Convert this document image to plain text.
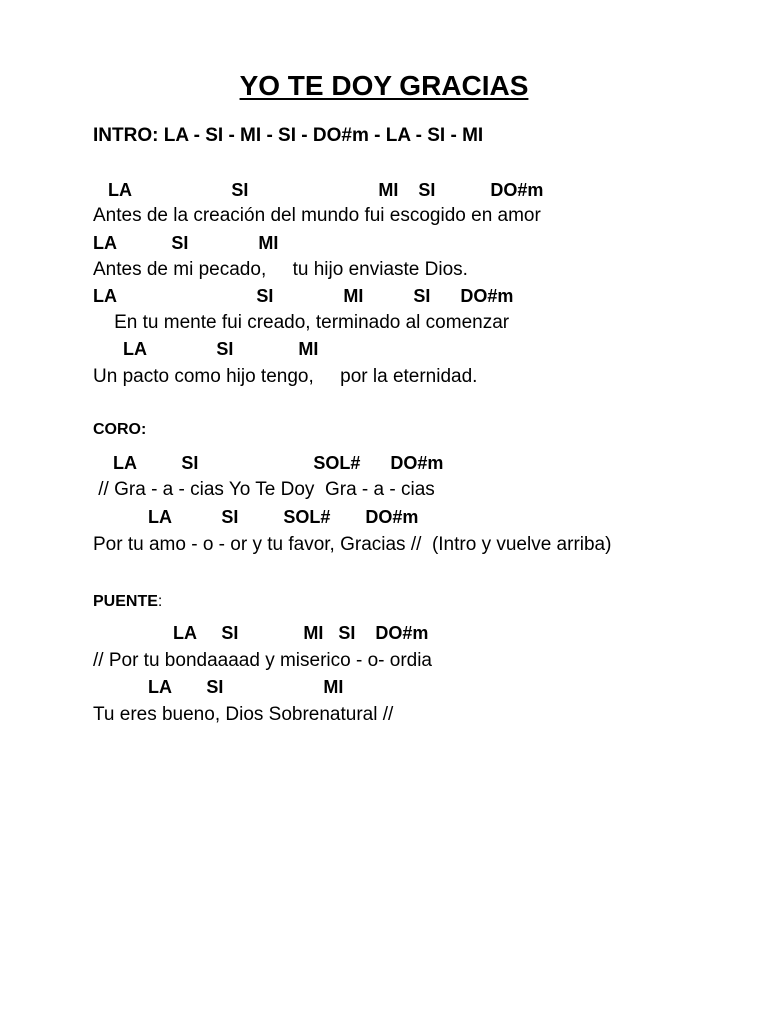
YO TE DOY GRACIAS

INTRO: LA - SI - MI - SI - DO#m - LA - SI - MI

LA                    SI                          MI    SI           DO#m

Antes de la creación del mundo fui escogido en amor

LA           SI              MI

Antes de mi pecado,     tu hijo enviaste Dios.

LA                            SI              MI          SI      DO#m

En tu mente fui creado, terminado al comenzar

LA              SI             MI

Un pacto como hijo tengo,     por la eternidad.

CORO:

LA         SI                       SOL#      DO#m

// Gra - a - cias Yo Te Doy  Gra - a - cias

LA          SI         SOL#       DO#m

Por tu amo - o - or y tu favor, Gracias //  (Intro y vuelve arriba)

PUENTE:

LA     SI             MI   SI    DO#m

// Por tu bondaaaad y miserico - o- ordia

LA       SI                    MI

Tu eres bueno, Dios Sobrenatural //
